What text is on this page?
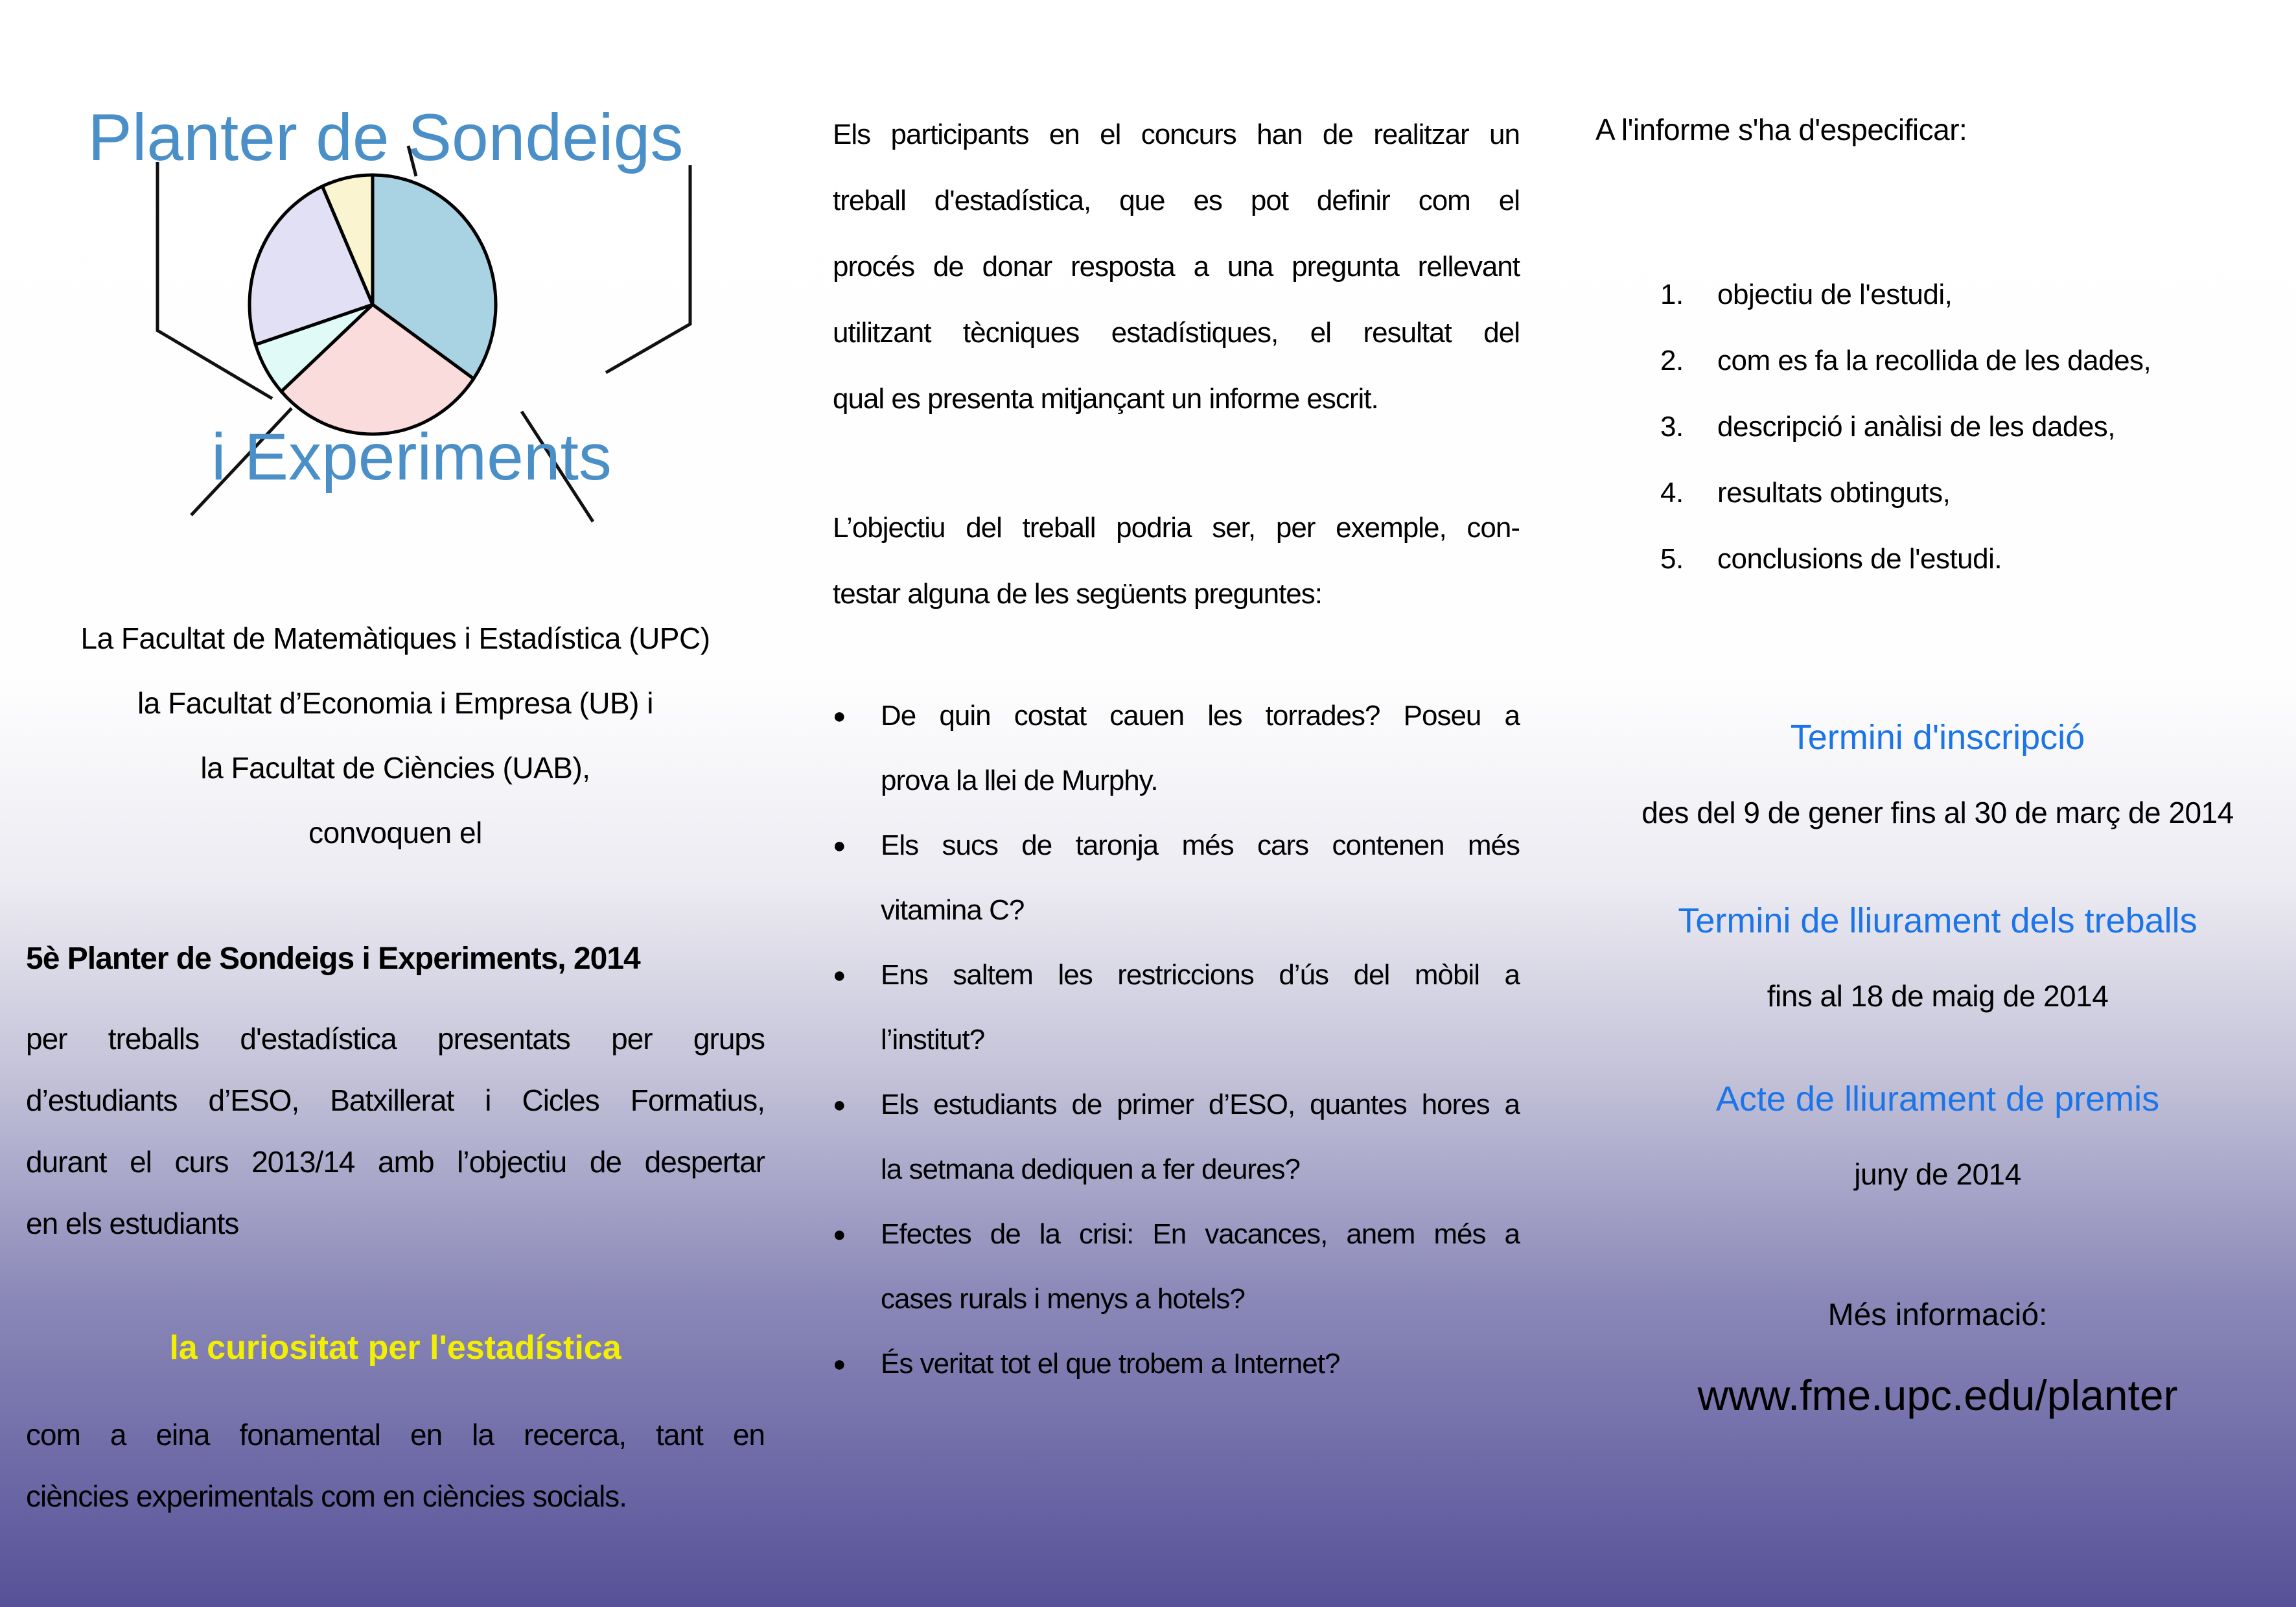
Planter de Sondeigs
i Experiments
La Facultat de Matemàtiques i Estadística (UPC)
la Facultat d’Economia i Empresa (UB) i
la Facultat de Ciències (UAB),
convoquen el
5è Planter de Sondeigs i Experiments, 2014
per treballs d'estadística presentats per grups
d’estudiants d’ESO, Batxillerat i Cicles Formatius,
durant el curs 2013/14 amb l’objectiu de despertar
en els estudiants
la curiositat per l'estadística
com a eina fonamental en la recerca, tant en
ciències experimentals com en ciències socials.
Els participants en el concurs han de realitzar un
treball d'estadística, que es pot definir com el
procés de donar resposta a una pregunta rellevant
utilitzant tècniques estadístiques, el resultat del
qual es presenta mitjançant un informe escrit.
L’objectiu del treball podria ser, per exemple, con-
testar alguna de les següents preguntes:
●	De quin costat cauen les torrades? Poseu a
prova la llei de Murphy.
●	Els sucs de taronja més cars contenen més
vitamina C?
●	Ens saltem les restriccions d’ús del mòbil a
l’institut?
●	Els estudiants de primer d’ESO, quantes hores a
la setmana dediquen a fer deures?
●	Efectes de la crisi: En vacances, anem més a
cases rurals i menys a hotels?
●	És veritat tot el que trobem a Internet?
A l'informe s'ha d'especificar:
1.	objectiu de l'estudi,
2.	com es fa la recollida de les dades,
3.	descripció i anàlisi de les dades,
4.	resultats obtinguts,
5.	conclusions de l'estudi.
Termini d'inscripció
des del 9 de gener fins al 30 de març de 2014
Termini de lliurament dels treballs
fins al 18 de maig de 2014
Acte de lliurament de premis
juny de 2014
Més informació:
www.fme.upc.edu/planter
